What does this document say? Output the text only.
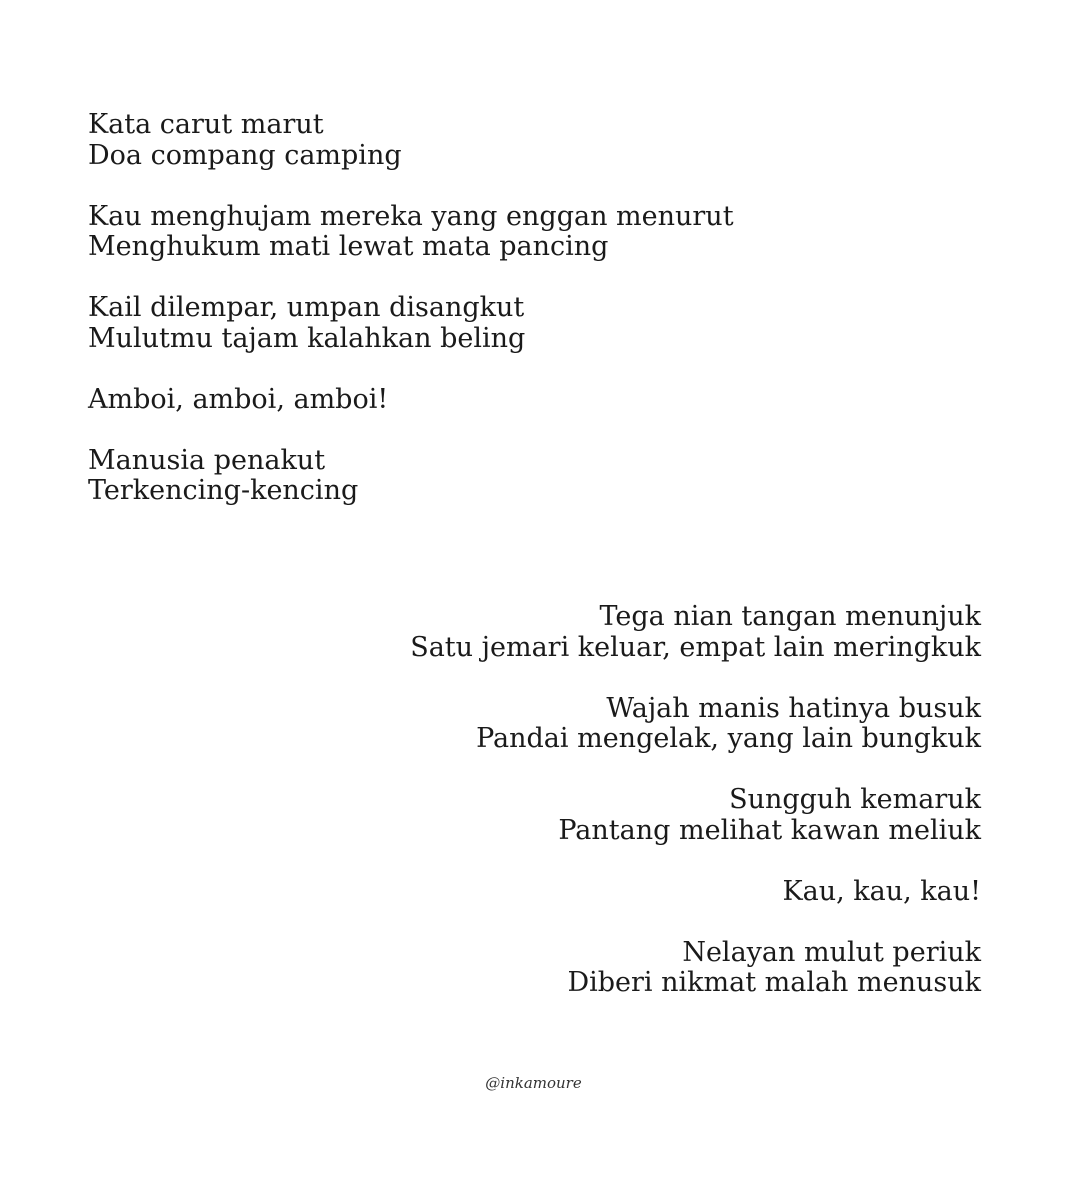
Kata carut marut
Doa compang camping
Kau menghujam mereka yang enggan menurut
Menghukum mati lewat mata pancing
Kail dilempar, umpan disangkut
Mulutmu tajam kalahkan beling
Amboi, amboi, amboi!
Manusia penakut
Terkencing-kencing
Tega nian tangan menunjuk
Satu jemari keluar, empat lain meringkuk
Wajah manis hatinya busuk
Pandai mengelak, yang lain bungkuk
Sungguh kemaruk
Pantang melihat kawan meliuk
Kau, kau, kau!
Nelayan mulut periuk
Diberi nikmat malah menusuk
@inkamoure
